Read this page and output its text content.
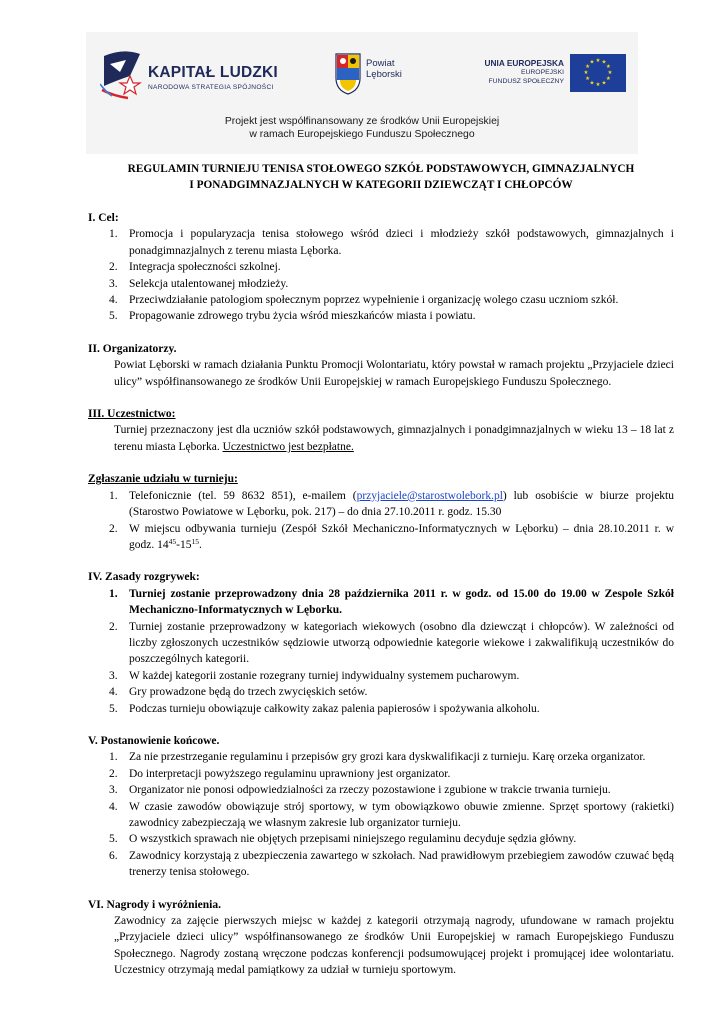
KAPITAŁ LUDZKI
NARODOWA STRATEGIA SPÓJNOŚCI
Powiat
Lęborski
UNIA EUROPEJSKA
EUROPEJSKI
FUNDUSZ SPOŁECZNY
★ ★
★
★
★
★
★
★
★
★
★
★
Projekt jest współfinansowany ze środków Unii Europejskiej
w ramach Europejskiego Funduszu Społecznego
REGULAMIN TURNIEJU TENISA STOŁOWEGO SZKÓŁ PODSTAWOWYCH, GIMNAZJALNYCH
I PONADGIMNAZJALNYCH W KATEGORII DZIEWCZĄT I CHŁOPCÓW
I. Cel:
1. Promocja i popularyzacja tenisa stołowego wśród dzieci i młodzieży szkół podstawowych, gimnazjalnych i ponadgimnazjalnych z terenu miasta Lęborka.
2. Integracja społeczności szkolnej.
3. Selekcja utalentowanej młodzieży.
4. Przeciwdziałanie patologiom społecznym poprzez wypełnienie i organizację wolego czasu uczniom szkół.
5. Propagowanie zdrowego trybu życia wśród mieszkańców miasta i powiatu.
II. Organizatorzy.
Powiat Lęborski w ramach działania Punktu Promocji Wolontariatu, który powstał w ramach projektu „Przyjaciele dzieci ulicy” współfinansowanego ze środków Unii Europejskiej w ramach Europejskiego Funduszu Społecznego.
III. Uczestnictwo:
Turniej przeznaczony jest dla uczniów szkół podstawowych, gimnazjalnych i ponadgimnazjalnych w wieku 13 – 18 lat z terenu miasta Lęborka. Uczestnictwo jest bezpłatne.
Zgłaszanie udziału w turnieju:
1. Telefonicznie (tel. 59 8632 851), e-mailem (przyjaciele@starostwolebork.pl) lub osobiście w biurze projektu (Starostwo Powiatowe w Lęborku, pok. 217) – do dnia 27.10.2011 r. godz. 15.30
2. W miejscu odbywania turnieju (Zespół Szkół Mechaniczno-Informatycznych w Lęborku) – dnia 28.10.2011 r. w godz. $14^{45}-15^{15}$.
IV. Zasady rozgrywek:
1. Turniej zostanie przeprowadzony dnia 28 października 2011 r. w godz. od 15.00 do 19.00 w Zespole Szkół Mechaniczno-Informatycznych w Lęborku.
2. Turniej zostanie przeprowadzony w kategoriach wiekowych (osobno dla dziewcząt i chłopców). W zależności od liczby zgłoszonych uczestników sędziowie utworzą odpowiednie kategorie wiekowe i zakwalifikują uczestników do poszczególnych kategorii.
3. W każdej kategorii zostanie rozegrany turniej indywidualny systemem pucharowym.
4. Gry prowadzone będą do trzech zwycięskich setów.
5. Podczas turnieju obowiązuje całkowity zakaz palenia papierosów i spożywania alkoholu.
V. Postanowienie końcowe.
1. Za nie przestrzeganie regulaminu i przepisów gry grozi kara dyskwalifikacji z turnieju. Karę orzeka organizator.
2. Do interpretacji powyższego regulaminu uprawniony jest organizator.
3. Organizator nie ponosi odpowiedzialności za rzeczy pozostawione i zgubione w trakcie trwania turnieju.
4. W czasie zawodów obowiązuje strój sportowy, w tym obowiązkowo obuwie zmienne. Sprzęt sportowy (rakietki) zawodnicy zabezpieczają we własnym zakresie lub organizator turnieju.
5. O wszystkich sprawach nie objętych przepisami niniejszego regulaminu decyduje sędzia główny.
6. Zawodnicy korzystają z ubezpieczenia zawartego w szkołach. Nad prawidłowym przebiegiem zawodów czuwać będą trenerzy tenisa stołowego.
VI. Nagrody i wyróżnienia.
Zawodnicy za zajęcie pierwszych miejsc w każdej z kategorii otrzymają nagrody, ufundowane w ramach projektu „Przyjaciele dzieci ulicy” współfinansowanego ze środków Unii Europejskiej w ramach Europejskiego Funduszu Społecznego. Nagrody zostaną wręczone podczas konferencji podsumowującej projekt i promującej idee wolontariatu. Uczestnicy otrzymają medal pamiątkowy za udział w turnieju sportowym.
